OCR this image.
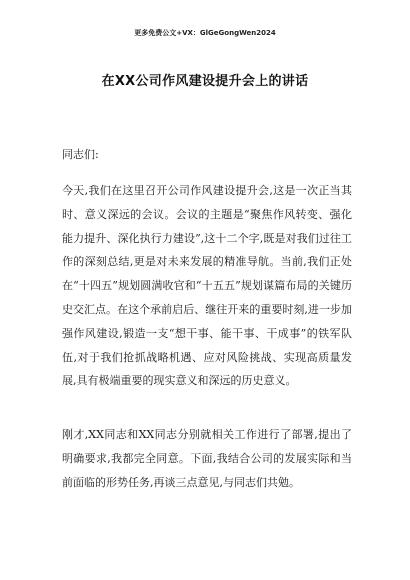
更多免费公文+VX：GlGeGongWen2024
在XX公司作风建设提升会上的讲话

同志们:

今天,我们在这里召开公司作风建设提升会,这是一次正当其时、意义深远的会议。会议的主题是“聚焦作风转变、强化能力提升、深化执行力建设”,这十二个字,既是对我们过往工作的深刻总结,更是对未来发展的精准导航。当前,我们正处在“十四五”规划圆满收官和“十五五”规划谋篇布局的关键历史交汇点。在这个承前启后、继往开来的重要时刻,进一步加强作风建设,锻造一支“想干事、能干事、干成事”的铁军队伍,对于我们抢抓战略机遇、应对风险挑战、实现高质量发展,具有极端重要的现实意义和深远的历史意义。

刚才,XX同志和XX同志分别就相关工作进行了部署,提出了明确要求,我都完全同意。下面,我结合公司的发展实际和当前面临的形势任务,再谈三点意见,与同志们共勉。
